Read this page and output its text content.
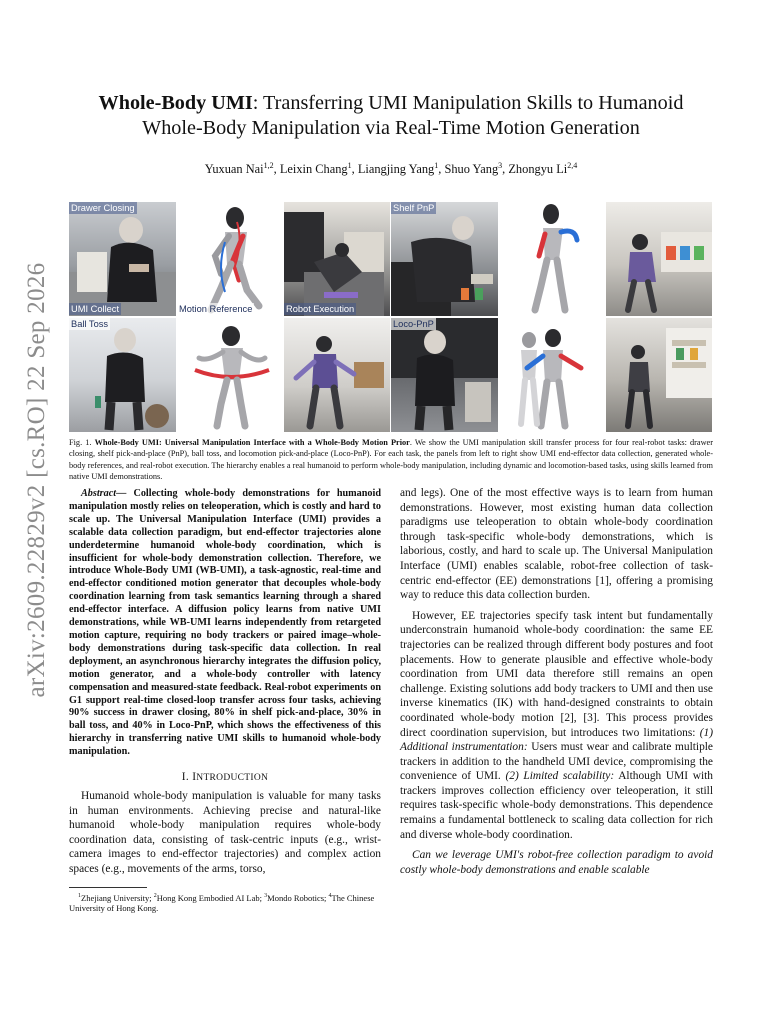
arXiv:2609.22829v2 [cs.RO] 22 Sep 2026
Whole-Body UMI: Transferring UMI Manipulation Skills to Humanoid
Whole-Body Manipulation via Real-Time Motion Generation
Yuxuan Nai$^{1,2}$, Leixin Chang$^1$, Liangjing Yang$^1$, Shuo Yang$^3$, Zhongyu Li$^{2,4}$
Drawer Closing
UMI Collect	Motion Reference	Robot Execution
Shelf PnP
Ball Toss	Loco-PnP
Fig. 1. Whole-Body UMI: Universal Manipulation Interface with a Whole-Body Motion Prior. We show the UMI manipulation skill transfer process for four real-robot tasks: drawer closing, shelf pick-and-place (PnP), ball toss, and locomotion pick-and-place (Loco-PnP). For each task, the panels from left to right show UMI end-effector data collection, generated whole-body references, and real-robot execution. The hierarchy enables a real humanoid to perform whole-body manipulation, including dynamic and locomotion-based tasks, using skills learned from native UMI demonstrations.

Abstract— Collecting whole-body demonstrations for humanoid manipulation mostly relies on teleoperation, which is costly and hard to scale up. The Universal Manipulation Interface (UMI) provides a scalable data collection paradigm, but end-effector trajectories alone underdetermine humanoid whole-body coordination, which is insufficient for whole-body demonstration collection. Therefore, we introduce Whole-Body UMI (WB-UMI), a task-agnostic, real-time and end-effector conditioned motion generator that decouples whole-body coordination learning from task semantics learning through a shared end-effector interface. A diffusion policy learns from native UMI demonstrations, while WB-UMI learns independently from retargeted motion capture, requiring no body trackers or paired image–whole-body demonstrations during task-specific data collection. In real deployment, an asynchronous hierarchy integrates the diffusion policy, motion generator, and a whole-body controller with latency compensation and measured-state feedback. Real-robot experiments on G1 support real-time closed-loop transfer across four tasks, achieving 90% success in drawer closing, 80% in shelf pick-and-place, 30% in ball toss, and 40% in Loco-PnP, which shows the effectiveness of this hierarchy in transferring native UMI skills to humanoid whole-body manipulation.

I. INTRODUCTION

Humanoid whole-body manipulation is valuable for many tasks in human environments. Achieving precise and natural-like humanoid whole-body manipulation requires whole-body coordination data, consisting of task-centric inputs (e.g., wrist-camera images to end-effector trajectories) and complex action spaces (e.g., movements of the arms, torso,

$^1$Zhejiang University; $^2$Hong Kong Embodied AI Lab; $^3$Mondo Robotics; $^4$The Chinese University of Hong Kong.

and legs). One of the most effective ways is to learn from human demonstrations. However, most existing human data collection paradigms use teleoperation to obtain whole-body coordination through task-specific whole-body demonstrations, which is laborious, costly, and hard to scale up. The Universal Manipulation Interface (UMI) enables scalable, robot-free collection of task-centric end-effector (EE) demonstrations [1], offering a promising way to reduce this data collection burden.

However, EE trajectories specify task intent but fundamentally underconstrain humanoid whole-body coordination: the same EE trajectories can be realized through different body postures and foot placements. How to generate plausible and effective whole-body coordination from UMI data therefore still remains an open challenge. Existing solutions add body trackers to UMI and then use inverse kinematics (IK) with hand-designed constraints to obtain coordinated whole-body motion [2], [3]. This process provides direct coordination supervision, but introduces two limitations: (1) Additional instrumentation: Users must wear and calibrate multiple trackers in addition to the handheld UMI device, compromising the convenience of UMI. (2) Limited scalability: Although UMI with trackers improves collection efficiency over teleoperation, it still requires task-specific whole-body demonstrations. This dependence remains a fundamental bottleneck to scaling data collection for rich and diverse whole-body coordination.

Can we leverage UMI's robot-free collection paradigm to avoid costly whole-body demonstrations and enable scalable
